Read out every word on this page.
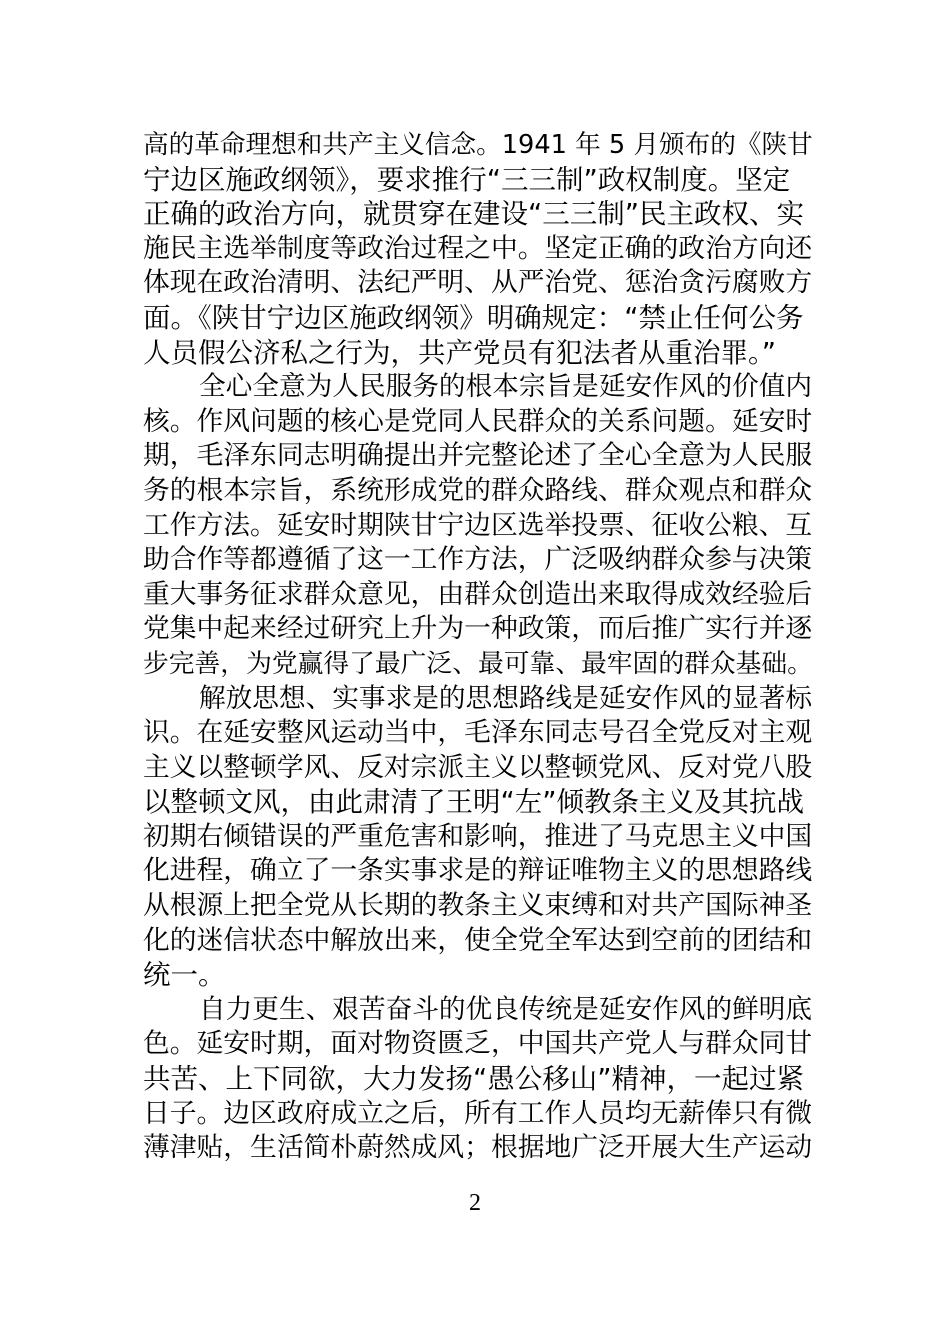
高的革命理想和共产主义信念。1941 年 5 月颁布的《陕甘
宁边区施政纲领》，要求推行“三三制”政权制度。坚定
正确的政治方向，就贯穿在建设“三三制”民主政权、实
施民主选举制度等政治过程之中。坚定正确的政治方向还
体现在政治清明、法纪严明、从严治党、惩治贪污腐败方
面。《陕甘宁边区施政纲领》明确规定：“禁止任何公务
人员假公济私之行为，共产党员有犯法者从重治罪。”
全心全意为人民服务的根本宗旨是延安作风的价值内
核。作风问题的核心是党同人民群众的关系问题。延安时
期，毛泽东同志明确提出并完整论述了全心全意为人民服
务的根本宗旨，系统形成党的群众路线、群众观点和群众
工作方法。延安时期陕甘宁边区选举投票、征收公粮、互
助合作等都遵循了这一工作方法，广泛吸纳群众参与决策
重大事务征求群众意见，由群众创造出来取得成效经验后
党集中起来经过研究上升为一种政策，而后推广实行并逐
步完善，为党赢得了最广泛、最可靠、最牢固的群众基础。
解放思想、实事求是的思想路线是延安作风的显著标
识。在延安整风运动当中，毛泽东同志号召全党反对主观
主义以整顿学风、反对宗派主义以整顿党风、反对党八股
以整顿文风，由此肃清了王明“左”倾教条主义及其抗战
初期右倾错误的严重危害和影响，推进了马克思主义中国
化进程，确立了一条实事求是的辩证唯物主义的思想路线
从根源上把全党从长期的教条主义束缚和对共产国际神圣
化的迷信状态中解放出来，使全党全军达到空前的团结和
统一。
自力更生、艰苦奋斗的优良传统是延安作风的鲜明底
色。延安时期，面对物资匮乏，中国共产党人与群众同甘
共苦、上下同欲，大力发扬“愚公移山”精神，一起过紧
日子。边区政府成立之后，所有工作人员均无薪俸只有微
薄津贴，生活简朴蔚然成风；根据地广泛开展大生产运动
2
